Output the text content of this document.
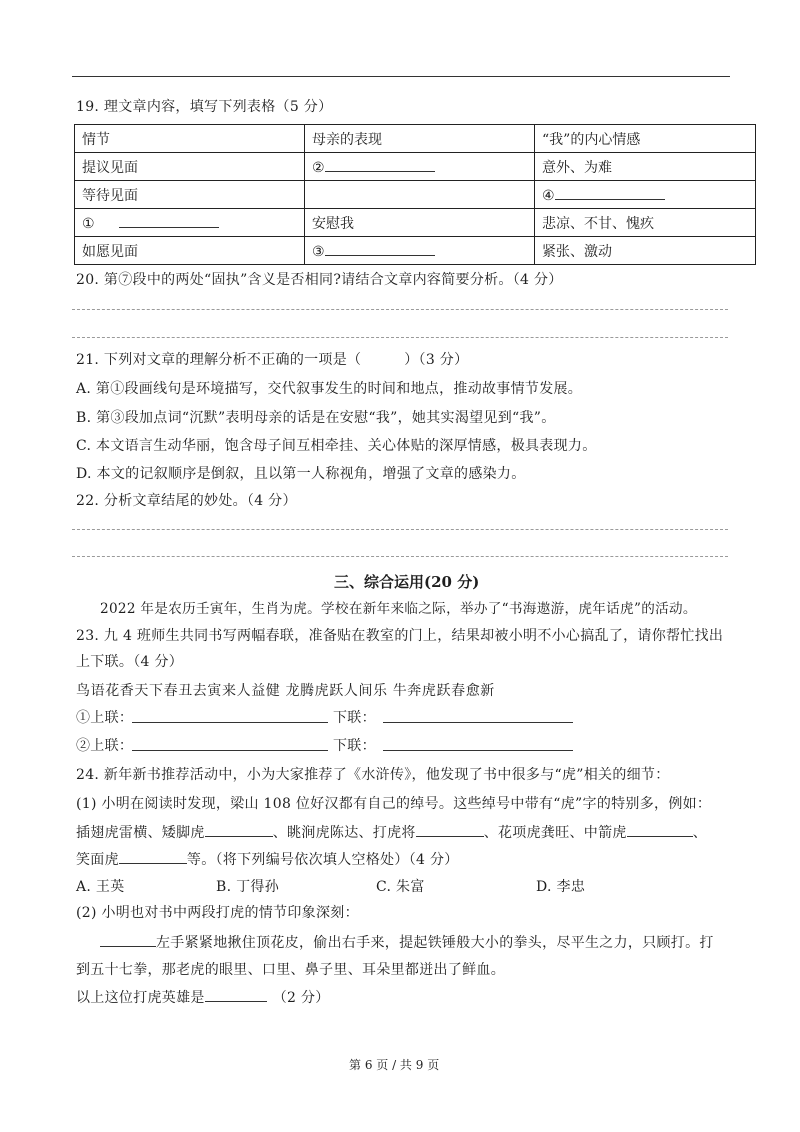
19. 理文章内容，填写下列表格（5 分）
情节	母亲的表现	“我”的内心情感
提议见面	②	意外、为难
等待见面		④
①	安慰我	悲凉、不甘、愧疚
如愿见面	③	紧张、激动
20. 第⑦段中的两处“固执”含义是否相同?请结合文章内容简要分析。（4 分）
21. 下列对文章的理解分析不正确的一项是（　　　）（3 分）
A. 第①段画线句是环境描写，交代叙事发生的时间和地点，推动故事情节发展。
B. 第③段加点词“沉默”表明母亲的话是在安慰“我”，她其实渴望见到“我”。
C. 本文语言生动华丽，饱含母子间互相牵挂、关心体贴的深厚情感，极具表现力。
D. 本文的记叙顺序是倒叙，且以第一人称视角，增强了文章的感染力。
22. 分析文章结尾的妙处。（4 分）
三、综合运用(20 分)
2022 年是农历壬寅年，生肖为虎。学校在新年来临之际，举办了“书海遨游，虎年话虎”的活动。
23. 九 4 班师生共同书写两幅春联，准备贴在教室的门上，结果却被小明不小心搞乱了，请你帮忙找出
上下联。（4 分）
鸟语花香天下春丑去寅来人益健 龙腾虎跃人间乐 牛奔虎跃春愈新
①上联：	下联：
②上联：	下联：
24. 新年新书推荐活动中，小为大家推荐了《水浒传》，他发现了书中很多与“虎”相关的细节：
(1) 小明在阅读时发现，梁山 108 位好汉都有自己的绰号。这些绰号中带有“虎”字的特别多，例如：
插翅虎雷横、矮脚虎	、眺涧虎陈达、打虎将	、花项虎龚旺、中箭虎	、
笑面虎	等。（将下列编号依次填人空格处）（4 分）
A. 王英	B. 丁得孙	C. 朱富	D. 李忠
(2) 小明也对书中两段打虎的情节印象深刻：
左手紧紧地揪住顶花皮，偷出右手来，提起铁锤般大小的拳头，尽平生之力，只顾打。打
到五十七拳，那老虎的眼里、口里、鼻子里、耳朵里都迸出了鲜血。
以上这位打虎英雄是	（2 分）
第 6 页 / 共 9 页
